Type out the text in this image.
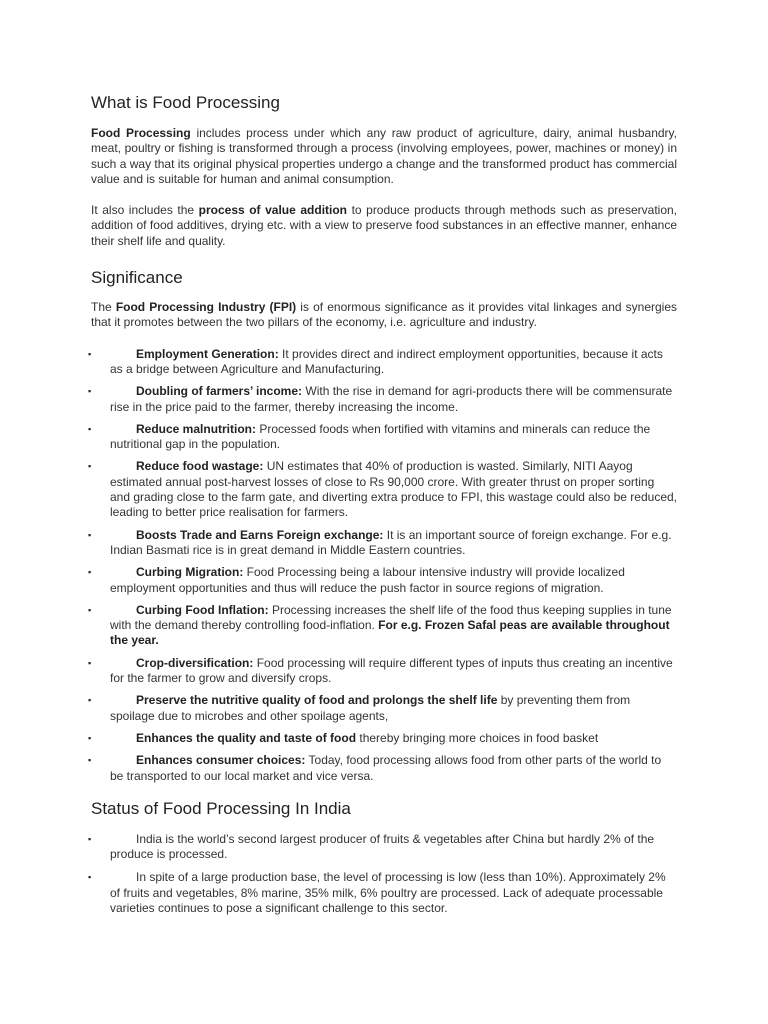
What is Food Processing

Food Processing includes process under which any raw product of agriculture, dairy, animal husbandry, meat, poultry or fishing is transformed through a process (involving employees, power, machines or money) in such a way that its original physical properties undergo a change and the transformed product has commercial value and is suitable for human and animal consumption.

It also includes the process of value addition to produce products through methods such as preservation, addition of food additives, drying etc. with a view to preserve food substances in an effective manner, enhance their shelf life and quality.

Significance

The Food Processing Industry (FPI) is of enormous significance as it provides vital linkages and synergies that it promotes between the two pillars of the economy, i.e. agriculture and industry.

▪	Employment Generation: It provides direct and indirect employment opportunities, because it acts as a bridge between Agriculture and Manufacturing.
▪	Doubling of farmers’ income: With the rise in demand for agri-products there will be commensurate rise in the price paid to the farmer, thereby increasing the income.
▪	Reduce malnutrition: Processed foods when fortified with vitamins and minerals can reduce the nutritional gap in the population.
▪	Reduce food wastage: UN estimates that 40% of production is wasted. Similarly, NITI Aayog estimated annual post-harvest losses of close to Rs 90,000 crore. With greater thrust on proper sorting and grading close to the farm gate, and diverting extra produce to FPI, this wastage could also be reduced, leading to better price realisation for farmers.
▪	Boosts Trade and Earns Foreign exchange: It is an important source of foreign exchange. For e.g. Indian Basmati rice is in great demand in Middle Eastern countries.
▪	Curbing Migration: Food Processing being a labour intensive industry will provide localized employment opportunities and thus will reduce the push factor in source regions of migration.
▪	Curbing Food Inflation: Processing increases the shelf life of the food thus keeping supplies in tune with the demand thereby controlling food-inflation. For e.g. Frozen Safal peas are available throughout the year.
▪	Crop-diversification: Food processing will require different types of inputs thus creating an incentive for the farmer to grow and diversify crops.
▪	Preserve the nutritive quality of food and prolongs the shelf life by preventing them from spoilage due to microbes and other spoilage agents,
▪	Enhances the quality and taste of food thereby bringing more choices in food basket
▪	Enhances consumer choices: Today, food processing allows food from other parts of the world to be transported to our local market and vice versa.
Status of Food Processing In India
▪	India is the world’s second largest producer of fruits & vegetables after China but hardly 2% of the produce is processed.
▪	In spite of a large production base, the level of processing is low (less than 10%). Approximately 2% of fruits and vegetables, 8% marine, 35% milk, 6% poultry are processed. Lack of adequate processable varieties continues to pose a significant challenge to this sector.
